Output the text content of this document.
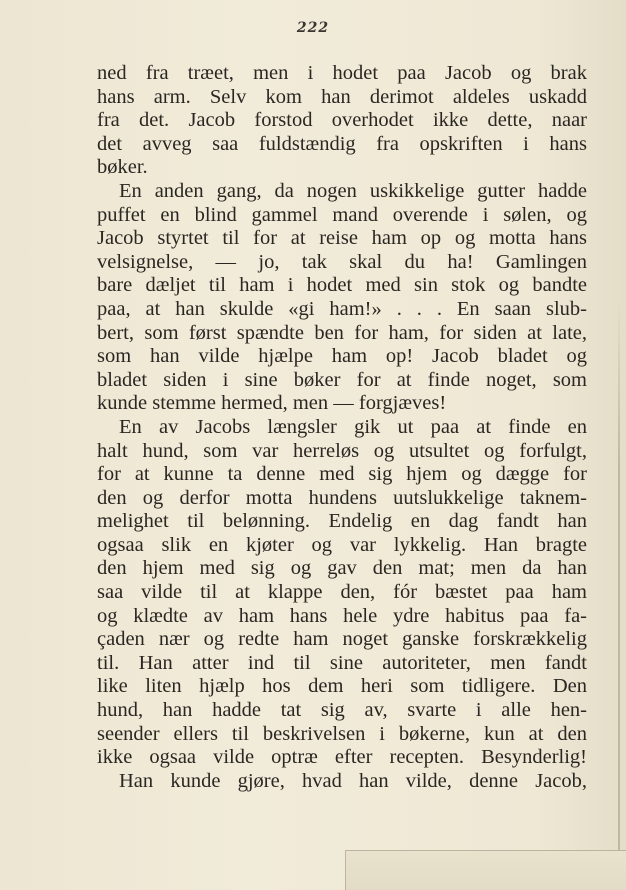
222
ned fra træet, men i hodet paa Jacob og brak
hans arm. Selv kom han derimot aldeles uskadd
fra det. Jacob forstod overhodet ikke dette, naar
det avveg saa fuldstændig fra opskriften i hans
bøker.
En anden gang, da nogen uskikkelige gutter hadde
puffet en blind gammel mand overende i sølen, og
Jacob styrtet til for at reise ham op og motta hans
velsignelse, — jo, tak skal du ha! Gamlingen
bare dæljet til ham i hodet med sin stok og bandte
paa, at han skulde «gi ham!» . . . En saan slub-
bert, som først spændte ben for ham, for siden at late,
som han vilde hjælpe ham op! Jacob bladet og
bladet siden i sine bøker for at finde noget, som
kunde stemme hermed, men — forgjæves!
En av Jacobs længsler gik ut paa at finde en
halt hund, som var herreløs og utsultet og forfulgt,
for at kunne ta denne med sig hjem og dægge for
den og derfor motta hundens uutslukkelige taknem-
melighet til belønning. Endelig en dag fandt han
ogsaa slik en kjøter og var lykkelig. Han bragte
den hjem med sig og gav den mat; men da han
saa vilde til at klappe den, fór bæstet paa ham
og klædte av ham hans hele ydre habitus paa fa-
çaden nær og redte ham noget ganske forskrækkelig
til. Han atter ind til sine autoriteter, men fandt
like liten hjælp hos dem heri som tidligere. Den
hund, han hadde tat sig av, svarte i alle hen-
seender ellers til beskrivelsen i bøkerne, kun at den
ikke ogsaa vilde optræ efter recepten. Besynderlig!
Han kunde gjøre, hvad han vilde, denne Jacob,
